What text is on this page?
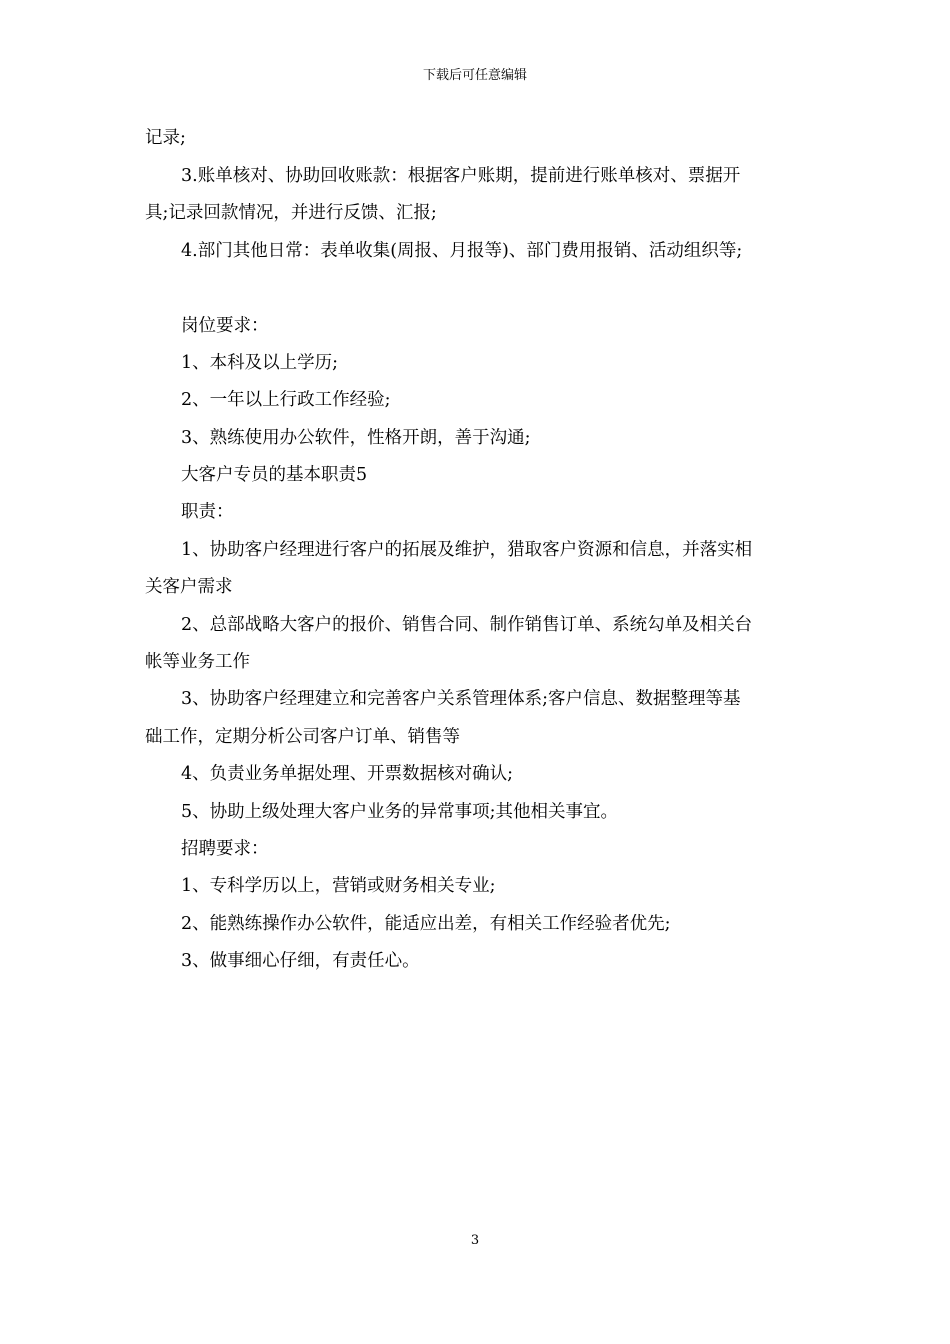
下载后可任意编辑
记录;
3.账单核对、协助回收账款：根据客户账期，提前进行账单核对、票据开
具;记录回款情况，并进行反馈、汇报;
4.部门其他日常：表单收集(周报、月报等)、部门费用报销、活动组织等;
岗位要求：
1、本科及以上学历;
2、一年以上行政工作经验;
3、熟练使用办公软件，性格开朗，善于沟通;
大客户专员的基本职责5
职责：
1、协助客户经理进行客户的拓展及维护，猎取客户资源和信息，并落实相
关客户需求
2、总部战略大客户的报价、销售合同、制作销售订单、系统勾单及相关台
帐等业务工作
3、协助客户经理建立和完善客户关系管理体系;客户信息、数据整理等基
础工作，定期分析公司客户订单、销售等
4、负责业务单据处理、开票数据核对确认;
5、协助上级处理大客户业务的异常事项;其他相关事宜。
招聘要求：
1、专科学历以上，营销或财务相关专业;
2、能熟练操作办公软件，能适应出差，有相关工作经验者优先;
3、做事细心仔细，有责任心。
3
